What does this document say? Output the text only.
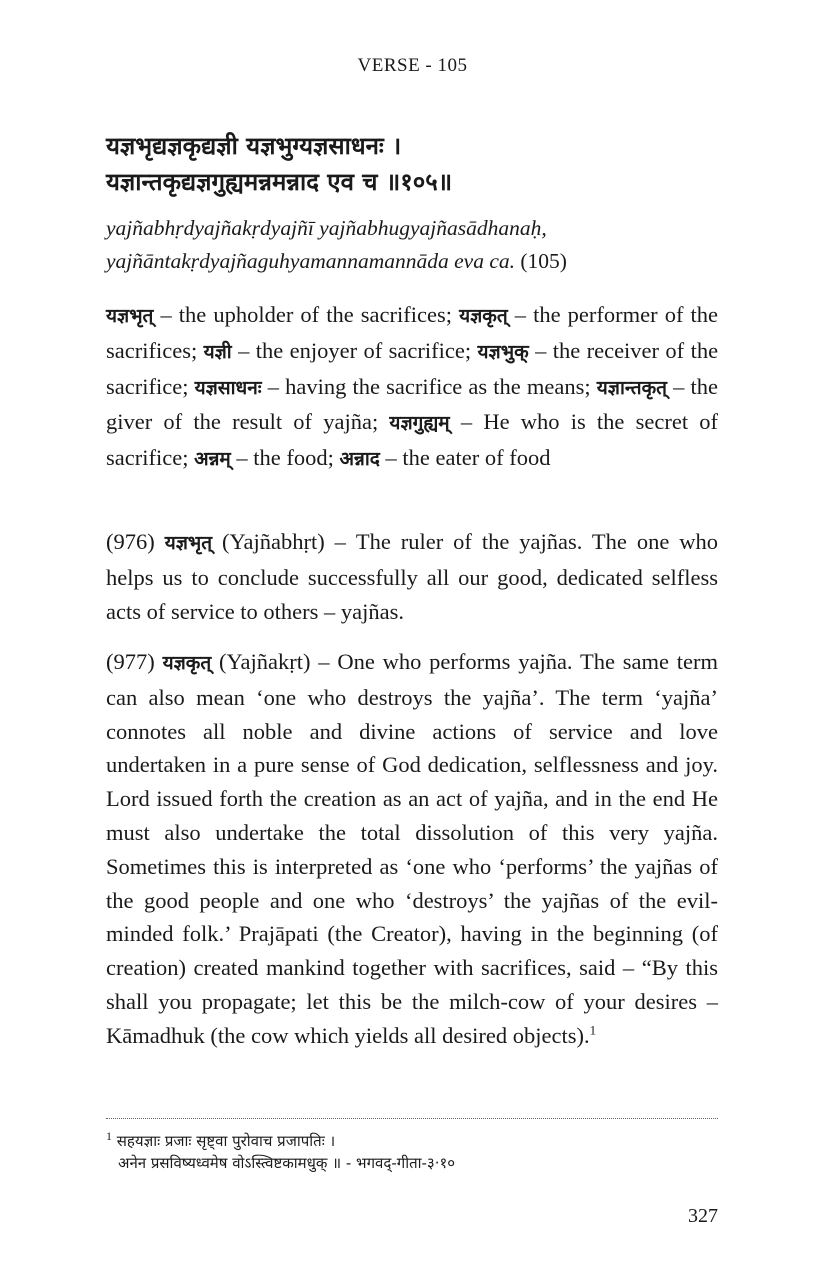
VERSE - 105
यज्ञभृद्यज्ञकृद्यज्ञी यज्ञभुग्यज्ञसाधनः ।
यज्ञान्तकृद्यज्ञगुह्यमन्नमन्नाद एव च ॥१०५॥
yajñabhṛdyajñakṛdyajñī yajñabhugyajñasādhanaḥ,
yajñāntakṛdyajñaguhyamannamannāda eva ca. (105)
यज्ञभृत् – the upholder of the sacrifices; यज्ञकृत् – the performer of the sacrifices; यज्ञी – the enjoyer of sacrifice; यज्ञभुक् – the receiver of the sacrifice; यज्ञसाधनः – having the sacrifice as the means; यज्ञान्तकृत् – the giver of the result of yajña; यज्ञगुह्यम् – He who is the secret of sacrifice; अन्नम् – the food; अन्नाद – the eater of food
(976) यज्ञभृत् (Yajñabhṛt) – The ruler of the yajñas. The one who helps us to conclude successfully all our good, dedicated selfless acts of service to others – yajñas.
(977) यज्ञकृत् (Yajñakṛt) – One who performs yajña. The same term can also mean ‘one who destroys the yajña’. The term ‘yajña’ connotes all noble and divine actions of service and love undertaken in a pure sense of God dedication, selflessness and joy. Lord issued forth the creation as an act of yajña, and in the end He must also undertake the total dissolution of this very yajña. Sometimes this is interpreted as ‘one who ‘performs’ the yajñas of the good people and one who ‘destroys’ the yajñas of the evil-minded folk.’ Prajāpati (the Creator), having in the beginning (of creation) created mankind together with sacrifices, said – “By this shall you propagate; let this be the milch-cow of your desires – Kāmadhuk (the cow which yields all desired objects).$^1$
$^1$ सहयज्ञाः प्रजाः सृष्ट्वा पुरोवाच प्रजापतिः ।
अनेन प्रसविष्यध्वमेष वोऽस्त्विष्टकामधुक् ॥ - भगवद्-गीता-३·१०
327
